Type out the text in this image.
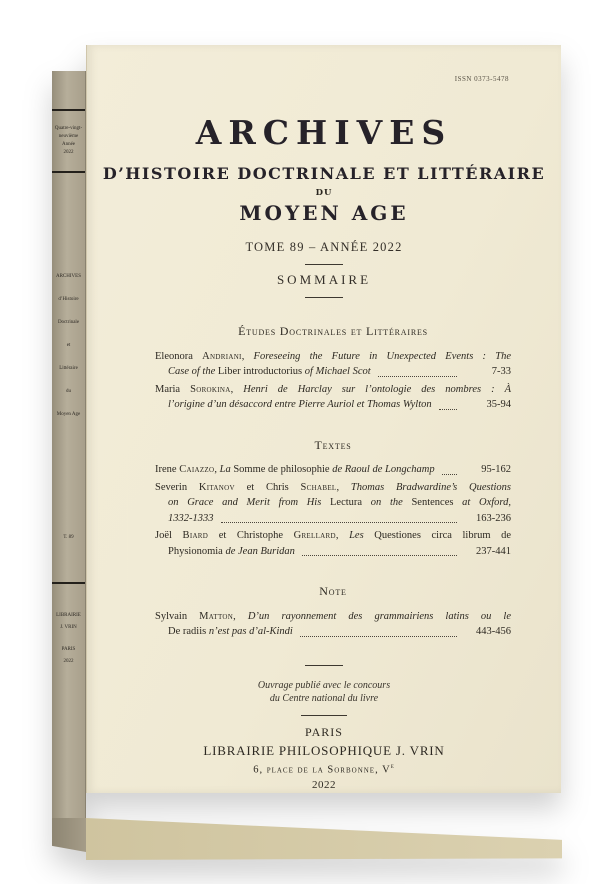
Quatre-vingt-
neuvième
Année
2022
ARCHIVES
d’Histoire
Doctrinale
et
Littéraire
du
Moyen Age
T. 89
LIBRAIRIE
J. VRIN
PARIS
2022
ISSN 0373-5478
ARCHIVES
D’HISTOIRE DOCTRINALE ET LITTÉRAIRE
DU
MOYEN AGE
TOME 89 – ANNÉE 2022
SOMMAIRE
Études Doctrinales et Littéraires
Eleonora Andriani, Foreseeing the Future in Unexpected Events : The
Case of the Liber introductorius of Michael Scot	7-33
Maria Sorokina, Henri de Harclay sur l’ontologie des nombres : À
l’origine d’un désaccord entre Pierre Auriol et Thomas Wylton	35-94
Textes
Irene Caiazzo, La Somme de philosophie de Raoul de Longchamp	95-162
Severin Kitanov et Chris Schabel, Thomas Bradwardine’s Questions
on Grace and Merit from His Lectura on the Sentences at Oxford,
1332-1333	163-236
Joël Biard et Christophe Grellard, Les Questiones circa librum de
Physionomia de Jean Buridan	237-441
Note
Sylvain Matton, D’un rayonnement des grammairiens latins ou le
De radiis n’est pas d’al-Kindi	443-456
Ouvrage publié avec le concours
du Centre national du livre
PARIS
LIBRAIRIE PHILOSOPHIQUE J. VRIN
6, place de la Sorbonne, Ve
2022
